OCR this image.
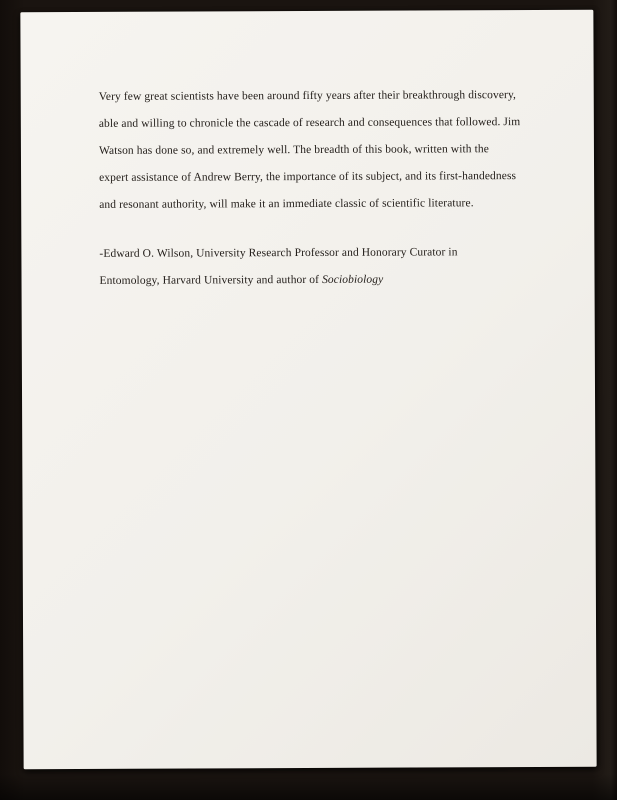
Very few great scientists have been around fifty years after their breakthrough discovery,
able and willing to chronicle the cascade of research and consequences that followed. Jim
Watson has done so, and extremely well. The breadth of this book, written with the
expert assistance of Andrew Berry, the importance of its subject, and its first-handedness
and resonant authority, will make it an immediate classic of scientific literature.
-Edward O. Wilson, University Research Professor and Honorary Curator in
Entomology, Harvard University and author of Sociobiology
